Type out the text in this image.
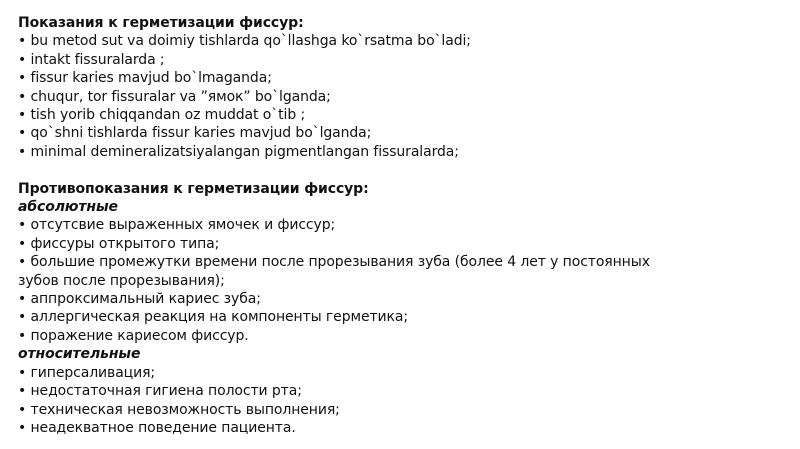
Показания к герметизации фиссур:

• bu metod sut va doimiy tishlarda qo`llashga ko`rsatma bo`ladi;
• intakt fissuralarda ;
• fissur karies mavjud bo`lmaganda;
• chuqur, tor fissuralar va ”ямок” bo`lganda;
• tish yorib chiqqandan oz muddat o`tib ;
• qo`shni tishlarda fissur karies mavjud bo`lganda;
• minimal demineralizatsiyalangan pigmentlangan fissuralarda;

Противопоказания к герметизации фиссур:

абсолютные

• отсутсвие выраженных ямочек и фиссур;
• фиссуры открытого типа;
• большие промежутки времени после прорезывания зуба (более 4 лет у постоянных
зубов после прорезывания);
• аппроксимальный кариес зуба;
• аллергическая реакция на компоненты герметика;
• поражение кариесом фиссур.

относительные

• гиперсаливация;
• недостаточная гигиена полости рта;
• техническая невозможность выполнения;
• неадекватное поведение пациента.
